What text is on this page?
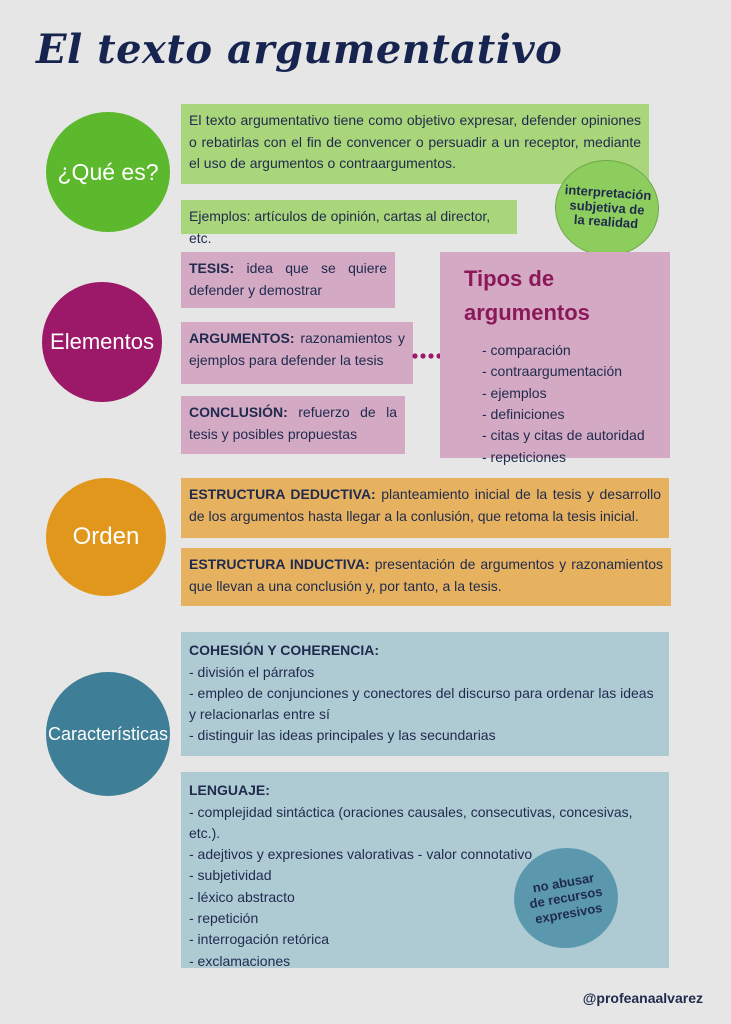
El texto argumentativo
¿Qué es?
El texto argumentativo tiene como objetivo expresar, defender opiniones o rebatirlas con el fin de convencer o persuadir a un receptor, mediante el uso de argumentos o contraargumentos.
Ejemplos: artículos de opinión, cartas al director, etc.
interpretación subjetiva de la realidad
Elementos
TESIS: idea que se quiere defender y demostrar
ARGUMENTOS: razonamientos y ejemplos para defender la tesis
CONCLUSIÓN: refuerzo de la tesis y posibles propuestas
Tipos de argumentos
- comparación
- contraargumentación
- ejemplos
- definiciones
- citas y citas de autoridad
- repeticiones
Orden
ESTRUCTURA DEDUCTIVA: planteamiento inicial de la tesis y desarrollo de los argumentos hasta llegar a la conlusión, que retoma la tesis inicial.
ESTRUCTURA INDUCTIVA: presentación de argumentos y razonamientos que llevan a una conclusión y, por tanto, a la tesis.
Características
COHESIÓN Y COHERENCIA:
- división el párrafos
- empleo de conjunciones y conectores del discurso para ordenar las ideas y relacionarlas entre sí
- distinguir las ideas principales y las secundarias
LENGUAJE:
- complejidad sintáctica (oraciones causales, consecutivas, concesivas, etc.).
- adejtivos y expresiones valorativas - valor connotativo
- subjetividad
- léxico abstracto
- repetición
- interrogación retórica
- exclamaciones
no abusar de recursos expresivos
@profeanaalvarez
